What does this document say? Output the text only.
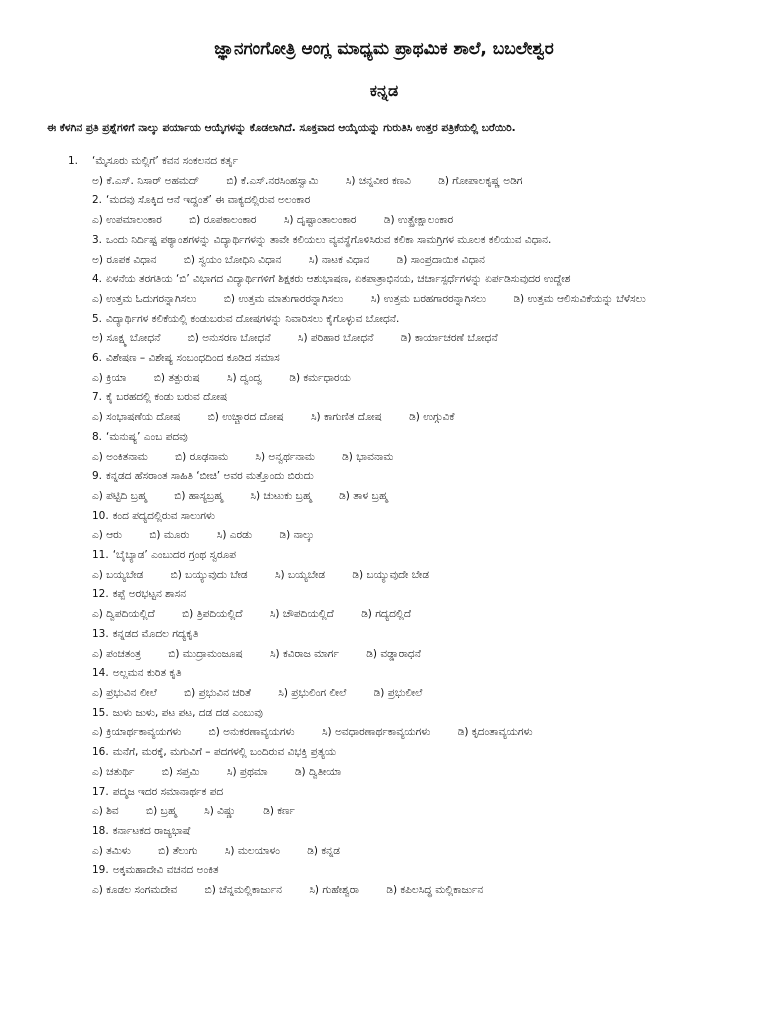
ಜ್ಞಾನಗಂಗೋತ್ರಿ ಆಂಗ್ಲ ಮಾಧ್ಯಮ ಪ್ರಾಥಮಿಕ ಶಾಲೆ, ಬಬಲೇಶ್ವರ
ಕನ್ನಡ

ಈ ಕೆಳಗಿನ ಪ್ರತಿ ಪ್ರಶ್ನೆಗಳಿಗೆ ನಾಲ್ಕು ಪರ್ಯಾಯ ಆಯ್ಕೆಗಳನ್ನು ಕೊಡಲಾಗಿದೆ. ಸೂಕ್ತವಾದ ಆಯ್ಕೆಯನ್ನು ಗುರುತಿಸಿ ಉತ್ತರ ಪತ್ರಿಕೆಯಲ್ಲಿ ಬರೆಯಿರಿ.

1. ‘ಮೈಸೂರು ಮಲ್ಲಿಗೆ’ ಕವನ ಸಂಕಲನದ ಕರ್ತೃ
ಅ) ಕೆ.ಎಸ್. ನಿಸಾರ್ ಅಹಮದ್	ಬಿ) ಕೆ.ಎಸ್.ನರಸಿಂಹಸ್ವಾಮಿ	ಸಿ) ಚನ್ನವೀರ ಕಣವಿ	ಡಿ) ಗೋಪಾಲಕೃಷ್ಣ ಅಡಿಗ
2. ‘ಮದವು ಸೊಕ್ಕಿದ ಆನೆ ಇದ್ದಂತೆ’ ಈ ವಾಕ್ಯದಲ್ಲಿರುವ ಅಲಂಕಾರ
ಎ) ಉಪಮಾಲಂಕಾರ	ಬಿ) ರೂಪಕಾಲಂಕಾರ	ಸಿ) ದೃಷ್ಟಾಂತಾಲಂಕಾರ	ಡಿ) ಉತ್ಪ್ರೇಕ್ಷಾಲಂಕಾರ
3. ಒಂದು ನಿರ್ದಿಷ್ಟ ಪಠ್ಯಾಂಶಗಳನ್ನು ವಿದ್ಯಾರ್ಥಿಗಳನ್ನು ತಾವೇ ಕಲಿಯಲು ವ್ಯವಸ್ಥೆಗೊಳಿಸಿರುವ ಕಲಿಕಾ ಸಾಮಗ್ರಿಗಳ ಮೂಲಕ ಕಲಿಯುವ ವಿಧಾನ.
ಅ) ರೂಪಕ ವಿಧಾನ	ಬಿ) ಸ್ವಯಂ ಬೋಧಿನಿ ವಿಧಾನ	ಸಿ) ನಾಟಕ ವಿಧಾನ	ಡಿ) ಸಾಂಪ್ರದಾಯಿಕ ವಿಧಾನ
4. ಏಳನೆಯ ತರಗತಿಯ ‘ಬಿ’ ವಿಭಾಗದ ವಿದ್ಯಾರ್ಥಿಗಳಿಗೆ ಶಿಕ್ಷಕರು ಆಶುಭಾಷಣ, ಏಕಪಾತ್ರಾಭಿನಯ, ಚರ್ಚಾಸ್ಪರ್ಧೆಗಳನ್ನು ಏರ್ಪಡಿಸುವುದರ ಉದ್ದೇಶ
ಎ) ಉತ್ತಮ ಓದುಗರನ್ನಾಗಿಸಲು	ಬಿ) ಉತ್ತಮ ಮಾತುಗಾರರನ್ನಾಗಿಸಲು	ಸಿ) ಉತ್ತಮ ಬರಹಗಾರರನ್ನಾಗಿಸಲು	ಡಿ) ಉತ್ತಮ ಆಲಿಸುವಿಕೆಯನ್ನು ಬೆಳೆಸಲು
5. ವಿದ್ಯಾರ್ಥಿಗಳ ಕಲಿಕೆಯಲ್ಲಿ ಕಂಡುಬರುವ ದೋಷಗಳನ್ನು ನಿವಾರಿಸಲು ಕೈಗೊಳ್ಳುವ ಬೋಧನೆ.
ಅ) ಸೂಕ್ಷ್ಮ ಬೋಧನೆ	ಬಿ) ಅನುಸರಣ ಬೋಧನೆ	ಸಿ) ಪರಿಹಾರ ಬೋಧನೆ	ಡಿ) ಕಾರ್ಯಾಚರಣೆ ಬೋಧನೆ
6. ವಿಶೇಷಣ – ವಿಶೇಷ್ಯ ಸಂಬಂಧದಿಂದ ಕೂಡಿದ ಸಮಾಸ
ಎ) ಕ್ರಿಯಾ	ಬಿ) ತತ್ಪುರುಷ	ಸಿ) ದ್ವಂದ್ವ	ಡಿ) ಕರ್ಮಧಾರಯ
7. ಕೈ ಬರಹದಲ್ಲಿ ಕಂಡು ಬರುವ ದೋಷ
ಎ) ಸಂಭಾಷಣೆಯ ದೋಷ	ಬಿ) ಉಚ್ಚಾರದ ದೋಷ	ಸಿ) ಕಾಗುಣಿತ ದೋಷ	ಡಿ) ಉಗ್ಗುವಿಕೆ
8. ‘ಮನುಷ್ಯ’ ಎಂಬ ಪದವು
ಎ) ಅಂಕಿತನಾಮ	ಬಿ) ರೂಢನಾಮ	ಸಿ) ಅನ್ವರ್ಥನಾಮ	ಡಿ) ಭಾವನಾಮ
9. ಕನ್ನಡದ ಹೆಸರಾಂತ ಸಾಹಿತಿ ‘ಬೀಚಿ’ ಅವರ ಮತ್ತೊಂದು ಬಿರುದು
ಎ) ಪಟ್ಟಿದಿ ಬ್ರಹ್ಮ	ಬಿ) ಹಾಸ್ಯಬ್ರಹ್ಮ	ಸಿ) ಚುಟುಕು ಬ್ರಹ್ಮ	ಡಿ) ತಾಳ ಬ್ರಹ್ಮ
10. ಕಂದ ಪದ್ಯದಲ್ಲಿರುವ ಸಾಲುಗಳು
ಎ) ಆರು	ಬಿ) ಮೂರು	ಸಿ) ಎರಡು	ಡಿ) ನಾಲ್ಕು
11. ‘ಬೈಬ್ಯಾಡ’ ಎಂಬುದರ ಗ್ರಂಥ ಸ್ವರೂಪ
ಎ) ಬಯ್ಯಬೇಡ	ಬಿ) ಬಯ್ಯುವುದು ಬೇಡ	ಸಿ) ಬಯ್ಯಬೇಡ	ಡಿ) ಬಯ್ಯುವುದೇ ಬೇಡ
12. ಕಪ್ಪೆ ಅರಭಟ್ಟನ ಶಾಸನ
ಎ) ದ್ವಿಪದಿಯಲ್ಲಿದೆ	ಬಿ) ತ್ರಿಪದಿಯಲ್ಲಿದೆ	ಸಿ) ಚೌಪದಿಯಲ್ಲಿದೆ	ಡಿ) ಗದ್ಯದಲ್ಲಿದೆ
13. ಕನ್ನಡದ ಮೊದಲ ಗದ್ಯಕೃತಿ
ಎ) ಪಂಚತಂತ್ರ	ಬಿ) ಮುದ್ರಾಮಂಜೂಷ	ಸಿ) ಕವಿರಾಜ ಮಾರ್ಗ	ಡಿ) ವಡ್ಡಾರಾಧನೆ
14. ಅಲ್ಲಮನ ಕುರಿತ ಕೃತಿ
ಎ) ಪ್ರಭುವಿನ ಲೀಲೆ	ಬಿ) ಪ್ರಭುವಿನ ಚರಿತೆ	ಸಿ) ಪ್ರಭುಲಿಂಗ ಲೀಲೆ	ಡಿ) ಪ್ರಭುಲೀಲೆ
15. ಜುಳು ಜುಳು, ಪಟ ಪಟ, ದಡ ದಡ ಎಂಬುವು
ಎ) ಕ್ರಿಯಾರ್ಥಕಾವ್ಯಯಗಳು	ಬಿ) ಅನುಕರಣಾವ್ಯಯಗಳು	ಸಿ) ಅವಧಾರಣಾರ್ಥಕಾವ್ಯಯಗಳು	ಡಿ) ಕೃದಂತಾವ್ಯಯಗಳು
16. ಮನೆಗೆ, ಮರಕ್ಕೆ, ಮಗುವಿಗೆ – ಪದಗಳಲ್ಲಿ ಬಂದಿರುವ ವಿಭಕ್ತಿ ಪ್ರತ್ಯಯ
ಎ) ಚತುರ್ಥಿ	ಬಿ) ಸಪ್ತಮಿ	ಸಿ) ಪ್ರಥಮಾ	ಡಿ) ದ್ವಿತೀಯಾ
17. ಪದ್ಮಜ ಇದರ ಸಮಾನಾರ್ಥಕ ಪದ
ಎ) ಶಿವ	ಬಿ) ಬ್ರಹ್ಮ	ಸಿ) ವಿಷ್ಣು	ಡಿ) ಕರ್ಣ
18. ಕರ್ನಾಟಕದ ರಾಜ್ಯಭಾಷೆ
ಎ) ತಮಿಳು	ಬಿ) ತೆಲುಗು	ಸಿ) ಮಲಯಾಳಂ	ಡಿ) ಕನ್ನಡ
19. ಅಕ್ಕಮಹಾದೇವಿ ವಚನದ ಅಂಕಿತ
ಎ) ಕೂಡಲ ಸಂಗಮದೇವ	ಬಿ) ಚೆನ್ನಮಲ್ಲಿಕಾರ್ಜುನ	ಸಿ) ಗುಹೇಶ್ವರಾ	ಡಿ) ಕಪಿಲಸಿದ್ಧ ಮಲ್ಲಿಕಾರ್ಜುನ
